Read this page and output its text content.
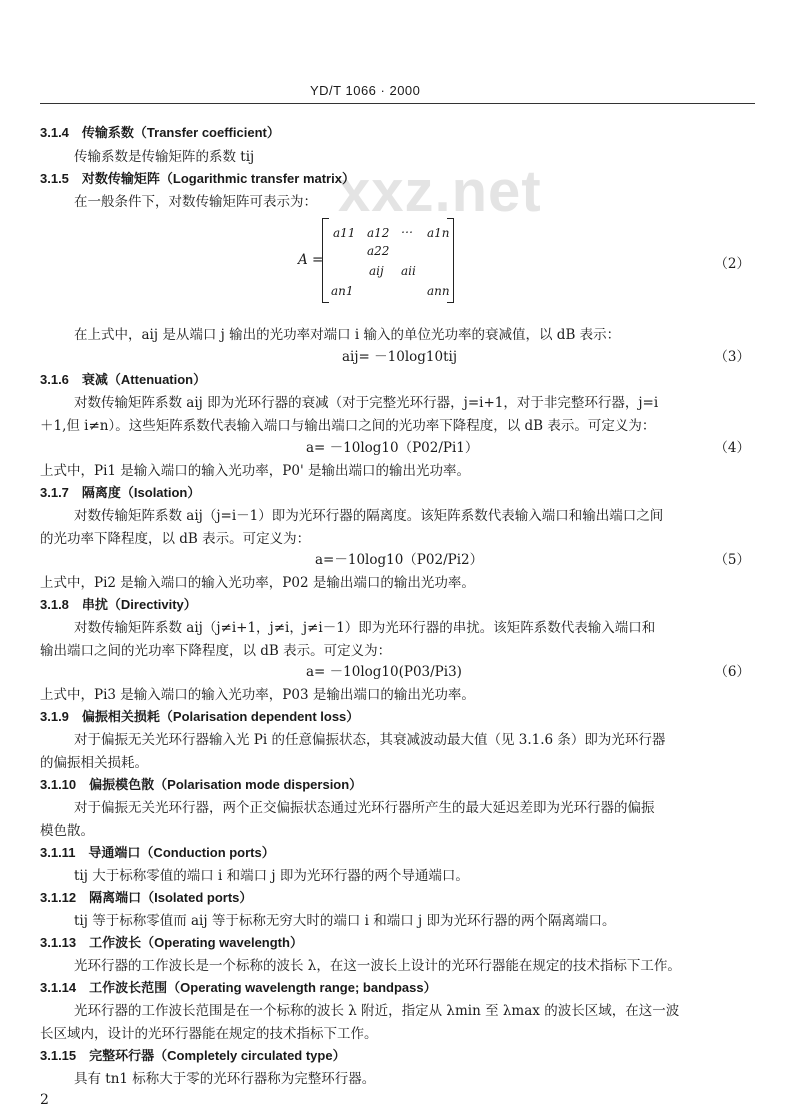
YD/T 1066 · 2000
xxz.net
3.1.4　传输系数（Transfer coefficient）
传输系数是传输矩阵的系数 tij
3.1.5　对数传输矩阵（Logarithmic transfer matrix）
在一般条件下，对数传输矩阵可表示为：
在上式中，aij 是从端口 j 输出的光功率对端口 i 输入的单位光功率的衰减值，以 dB 表示：
aij= －10log10tij
3.1.6　衰减（Attenuation）
对数传输矩阵系数 aij 即为光环行器的衰减（对于完整光环行器，j=i+1，对于非完整环行器，j=i
＋1,但 i≠n）。这些矩阵系数代表输入端口与输出端口之间的光功率下降程度，以 dB 表示。可定义为：
a= －10log10（P02/Pi1）
上式中，Pi1 是输入端口的输入光功率，P0' 是输出端口的输出光功率。
3.1.7　隔离度（Isolation）
对数传输矩阵系数 aij（j=i－1）即为光环行器的隔离度。该矩阵系数代表输入端口和输出端口之间
的光功率下降程度，以 dB 表示。可定义为：
a=－10log10（P02/Pi2）
上式中，Pi2 是输入端口的输入光功率，P02 是输出端口的输出光功率。
3.1.8　串扰（Directivity）
对数传输矩阵系数 aij（j≠i+1，j≠i，j≠i－1）即为光环行器的串扰。该矩阵系数代表输入端口和
输出端口之间的光功率下降程度，以 dB 表示。可定义为：
a= －10log10(P03/Pi3)
上式中，Pi3 是输入端口的输入光功率，P03 是输出端口的输出光功率。
3.1.9　偏振相关损耗（Polarisation dependent loss）
对于偏振无关光环行器输入光 Pi 的任意偏振状态，其衰减波动最大值（见 3.1.6 条）即为光环行器
的偏振相关损耗。
3.1.10　偏振模色散（Polarisation mode dispersion）
对于偏振无关光环行器，两个正交偏振状态通过光环行器所产生的最大延迟差即为光环行器的偏振
模色散。
3.1.11　导通端口（Conduction ports）
tij 大于标称零值的端口 i 和端口 j 即为光环行器的两个导通端口。
3.1.12　隔离端口（Isolated ports）
tij 等于标称零值而 aij 等于标称无穷大时的端口 i 和端口 j 即为光环行器的两个隔离端口。
3.1.13　工作波长（Operating wavelength）
光环行器的工作波长是一个标称的波长 λ，在这一波长上设计的光环行器能在规定的技术指标下工作。
3.1.14　工作波长范围（Operating wavelength range; bandpass）
光环行器的工作波长范围是在一个标称的波长 λ 附近，指定从 λmin 至 λmax 的波长区域，在这一波
长区域内，设计的光环行器能在规定的技术指标下工作。
3.1.15　完整环行器（Completely circulated type）
具有 tn1 标称大于零的光环行器称为完整环行器。
（2）
（3）
（4）
（5）
（6）
A =
a11 a12 … a1n
a22
aij aii
an1	ann
2
